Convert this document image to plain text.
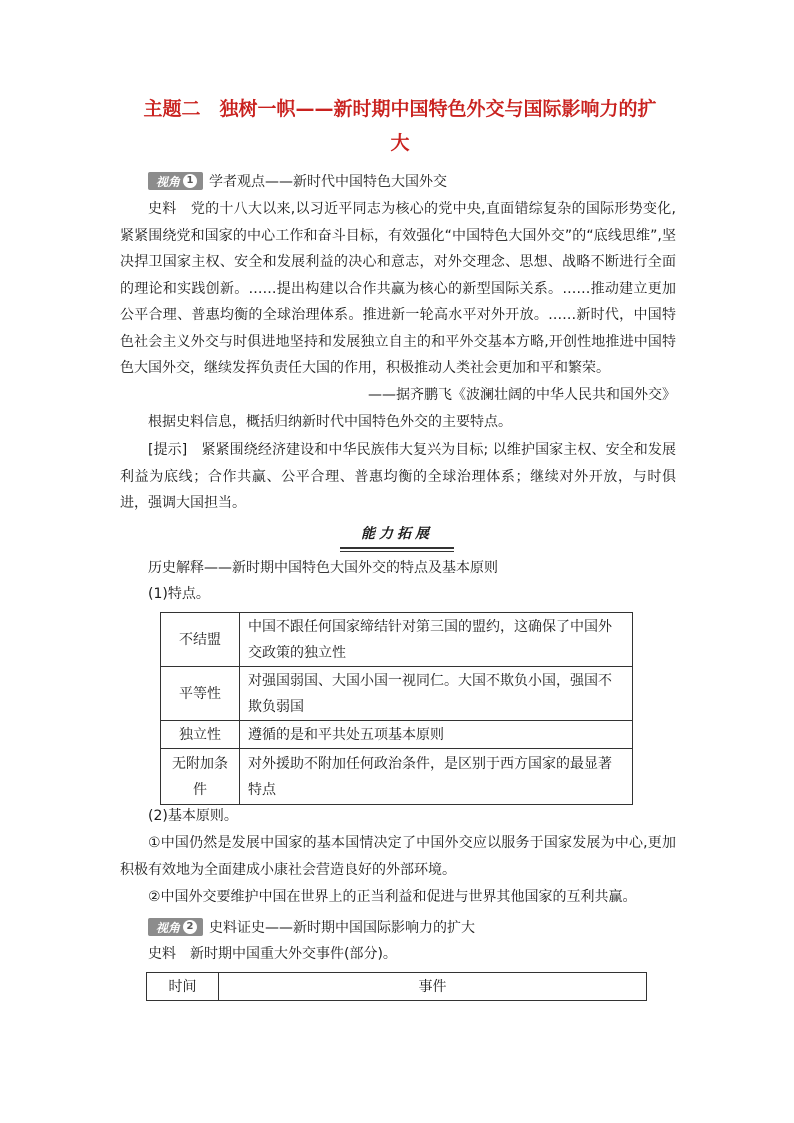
主题二　独树一帜——新时期中国特色外交与国际影响力的扩
大
视角 1 学者观点——新时代中国特色大国外交

史料　党的十八大以来,以习近平同志为核心的党中央,直面错综复杂的国际形势变化,紧紧围绕党和国家的中心工作和奋斗目标，有效强化“中国特色大国外交”的“底线思维”,坚决捍卫国家主权、安全和发展利益的决心和意志，对外交理念、思想、战略不断进行全面的理论和实践创新。……提出构建以合作共赢为核心的新型国际关系。……推动建立更加公平合理、普惠均衡的全球治理体系。推进新一轮高水平对外开放。……新时代，中国特色社会主义外交与时俱进地坚持和发展独立自主的和平外交基本方略,开创性地推进中国特色大国外交，继续发挥负责任大国的作用，积极推动人类社会更加和平和繁荣。

——据齐鹏飞《波澜壮阔的中华人民共和国外交》

根据史料信息，概括归纳新时代中国特色外交的主要特点。

[提示]　紧紧围绕经济建设和中华民族伟大复兴为目标; 以维护国家主权、安全和发展利益为底线；合作共赢、公平合理、普惠均衡的全球治理体系；继续对外开放，与时俱进，强调大国担当。

能力拓展

历史解释——新时期中国特色大国外交的特点及基本原则

(1)特点。

不结盟	中国不跟任何国家缔结针对第三国的盟约，这确保了中国外交政策的独立性
平等性	对强国弱国、大国小国一视同仁。大国不欺负小国，强国不欺负弱国
独立性	遵循的是和平共处五项基本原则
无附加条件	对外援助不附加任何政治条件，是区别于西方国家的最显著特点

(2)基本原则。

①中国仍然是发展中国家的基本国情决定了中国外交应以服务于国家发展为中心,更加积极有效地为全面建成小康社会营造良好的外部环境。

②中国外交要维护中国在世界上的正当利益和促进与世界其他国家的互利共赢。

视角 2 史料证史——新时期中国国际影响力的扩大

史料　新时期中国重大外交事件(部分)。

时间	事件
